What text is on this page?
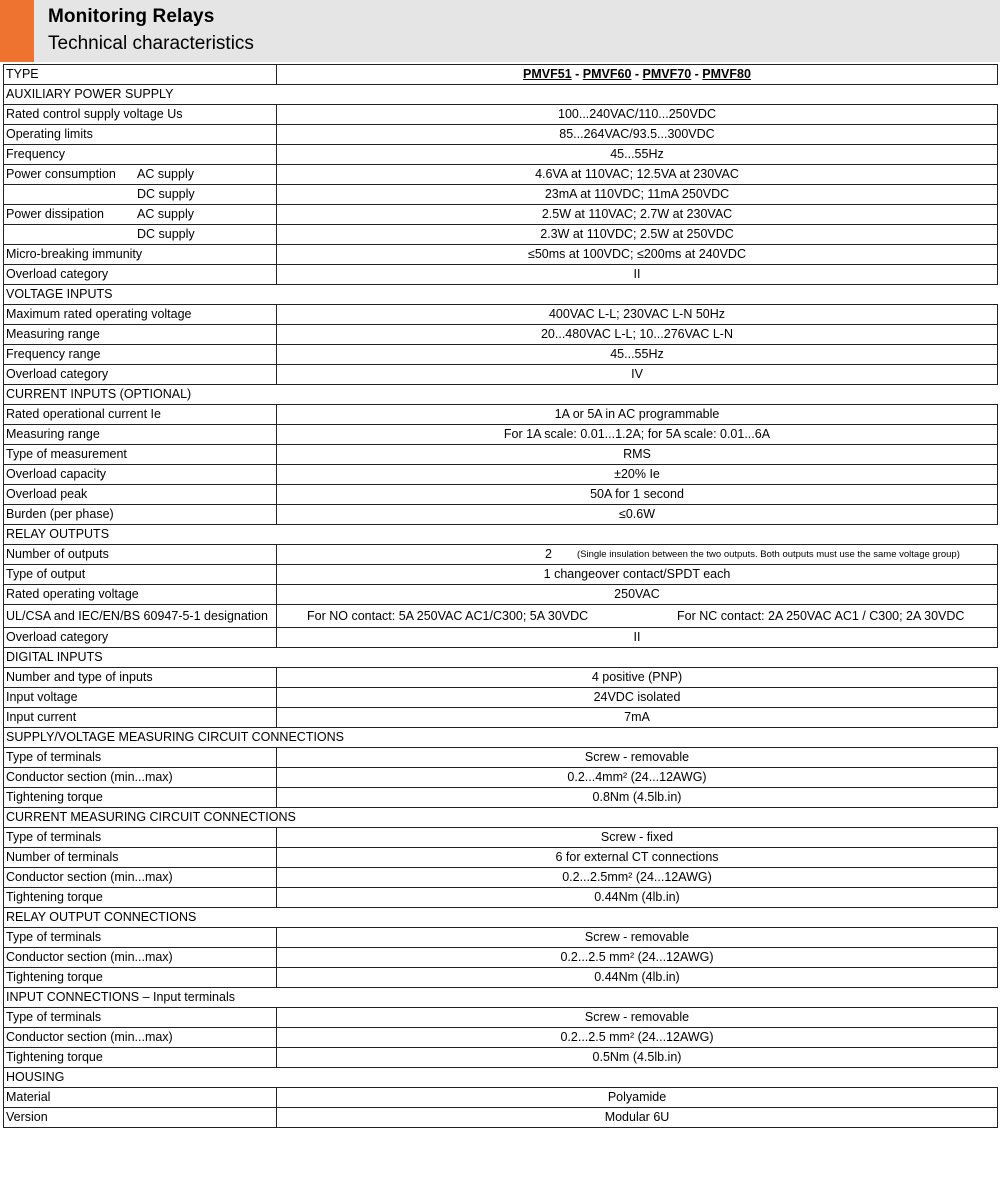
Monitoring Relays
Technical characteristics
TYPE	PMVF51 - PMVF60 - PMVF70 - PMVF80
AUXILIARY POWER SUPPLY
Rated control supply voltage Us	100...240VAC/110...250VDC
Operating limits	85...264VAC/93.5...300VDC
Frequency	45...55Hz
Power consumption AC supply	4.6VA at 110VAC; 12.5VA at 230VAC
DC supply	23mA at 110VDC; 11mA 250VDC
Power dissipation	AC supply	2.5W at 110VAC; 2.7W at 230VAC
DC supply	2.3W at 110VDC; 2.5W at 250VDC
Micro-breaking immunity	≤50ms at 100VDC; ≤200ms at 240VDC
Overload category	II
VOLTAGE INPUTS
Maximum rated operating voltage	400VAC L-L; 230VAC L-N 50Hz
Measuring range	20...480VAC L-L; 10...276VAC L-N
Frequency range	45...55Hz
Overload category	IV
CURRENT INPUTS (OPTIONAL)
Rated operational current Ie	1A or 5A in AC programmable
Measuring range	For 1A scale: 0.01...1.2A; for 5A scale: 0.01...6A
Type of measurement	RMS
Overload capacity	±20% Ie
Overload peak	50A for 1 second
Burden (per phase)	≤0.6W
RELAY OUTPUTS
Number of outputs	2	(Single insulation between the two outputs. Both outputs must use the same voltage group)
Type of output	1 changeover contact/SPDT each
Rated operating voltage	250VAC
UL/CSA and IEC/EN/BS 60947-5-1 designation	For NO contact: 5A 250VAC AC1/C300; 5A 30VDC	For NC contact: 2A 250VAC AC1 / C300; 2A 30VDC
Overload category	II
DIGITAL INPUTS
Number and type of inputs	4 positive (PNP)
Input voltage	24VDC isolated
Input current	7mA
SUPPLY/VOLTAGE MEASURING CIRCUIT CONNECTIONS
Type of terminals	Screw - removable
Conductor section (min...max)	0.2...4mm² (24...12AWG)
Tightening torque	0.8Nm (4.5lb.in)
CURRENT MEASURING CIRCUIT CONNECTIONS
Type of terminals	Screw - fixed
Number of terminals	6 for external CT connections
Conductor section (min...max)	0.2...2.5mm² (24...12AWG)
Tightening torque	0.44Nm (4lb.in)
RELAY OUTPUT CONNECTIONS
Type of terminals	Screw - removable
Conductor section (min...max)	0.2...2.5 mm² (24...12AWG)
Tightening torque	0.44Nm (4lb.in)
INPUT CONNECTIONS – Input terminals
Type of terminals	Screw - removable
Conductor section (min...max)	0.2...2.5 mm² (24...12AWG)
Tightening torque	0.5Nm (4.5lb.in)
HOUSING
Material	Polyamide
Version	Modular 6U
